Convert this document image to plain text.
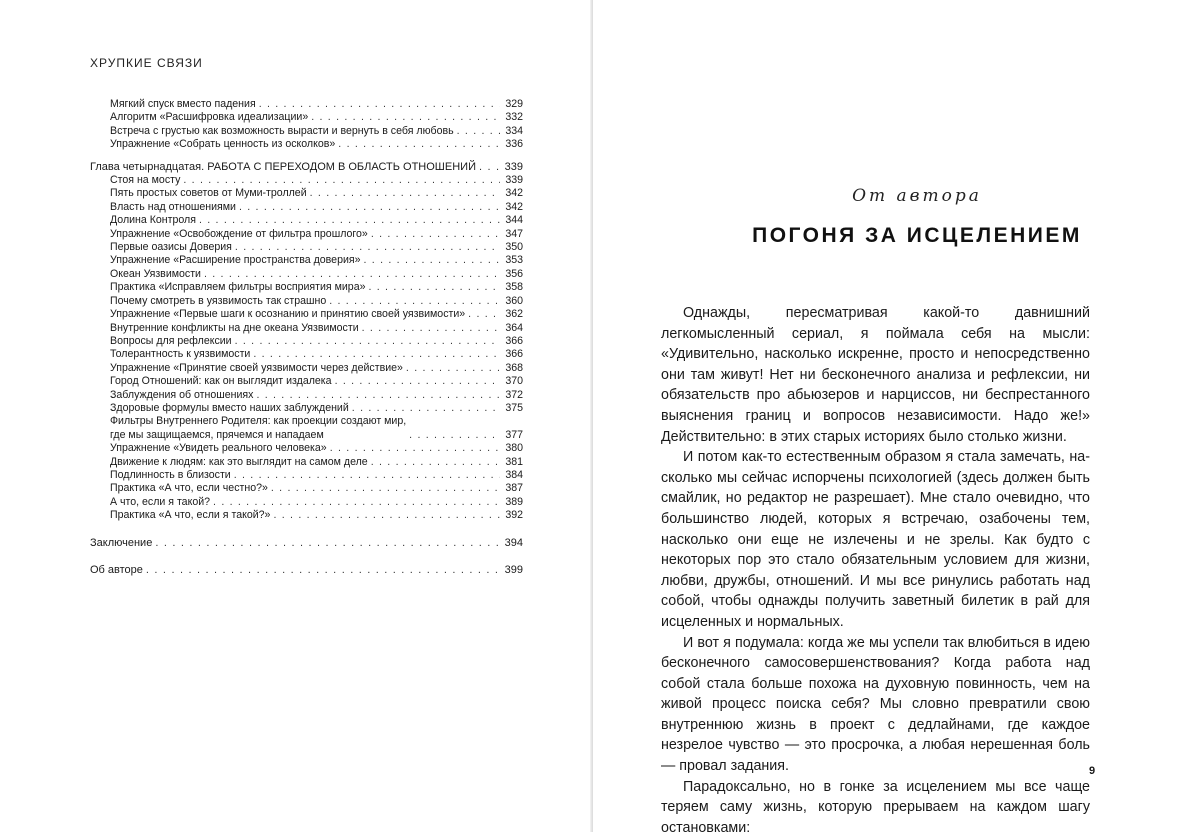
ХРУПКИЕ СВЯЗИ
Мягкий спуск вместо падения . . .	329
Алгоритм «Расшифровка идеализации» . . .	332
Встреча с грустью как возможность вырасти и вернуть в себя любовь . . .	334
Упражнение «Собрать ценность из осколков» . . .	336
Глава четырнадцатая. РАБОТА С ПЕРЕХОДОМ В ОБЛАСТЬ ОТНОШЕНИЙ . . .	339
Стоя на мосту . . .	339
Пять простых советов от Муми-троллей . . .	342
Власть над отношениями . . .	342
Долина Контроля . . .	344
Упражнение «Освобождение от фильтра прошлого» . . .	347
Первые оазисы Доверия . . .	350
Упражнение «Расширение пространства доверия» . . .	353
Океан Уязвимости . . .	356
Практика «Исправляем фильтры восприятия мира» . . .	358
Почему смотреть в уязвимость так страшно . . .	360
Упражнение «Первые шаги к осознанию и принятию своей уязвимости» . . .	362
Внутренние конфликты на дне океана Уязвимости . . .	364
Вопросы для рефлексии . . .	366
Толерантность к уязвимости . . .	366
Упражнение «Принятие своей уязвимости через действие» . . .	368
Город Отношений: как он выглядит издалека . . .	370
Заблуждения об отношениях . . .	372
Здоровые формулы вместо наших заблуждений . . .	375
Фильтры Внутреннего Родителя: как проекции создают мир,
где мы защищаемся, прячемся и нападаем . . .	377
Упражнение «Увидеть реального человека» . . .	380
Движение к людям: как это выглядит на самом деле . . .	381
Подлинность в близости . . .	384
Практика «А что, если честно?» . . .	387
А что, если я такой? . . .	389
Практика «А что, если я такой?» . . .	392
Заключение . . .	394
Об авторе . . .	399
От автора
ПОГОНЯ ЗА ИСЦЕЛЕНИЕМ

Однажды, пересматривая какой-то давнишний легкомысленный сериал, я поймала себя на мысли: «Удивительно, насколько искренне, просто и непосредственно они там живут! Нет ни бесконечного анализа и рефлексии, ни обязательств про абьюзеров и нарциссов, ни беспрестанного выяснения границ и вопросов независимости. Надо же!» Действительно: в этих старых историях было столько жизни.

И потом как-то естественным образом я стала замечать, насколько мы сейчас испорчены психологией (здесь должен быть смайлик, но редактор не разрешает). Мне стало очевидно, что большинство людей, которых я встречаю, озабочены тем, насколько они еще не излечены и не зрелы. Как будто с некоторых пор это стало обязательным условием для жизни, любви, дружбы, отношений. И мы все ринулись работать над собой, чтобы однажды получить заветный билетик в рай для исцеленных и нормальных.

И вот я подумала: когда же мы успели так влюбиться в идею бесконечного самосовершенствования? Когда работа над собой стала больше похожа на духовную повинность, чем на живой процесс поиска себя? Мы словно превратили свою внутреннюю жизнь в проект с дедлайнами, где каждое незрелое чувство — это просрочка, а любая нерешенная боль — провал задания.

Парадоксально, но в гонке за исцелением мы все чаще теряем саму жизнь, которую прерываем на каждом шагу остановками:

9
